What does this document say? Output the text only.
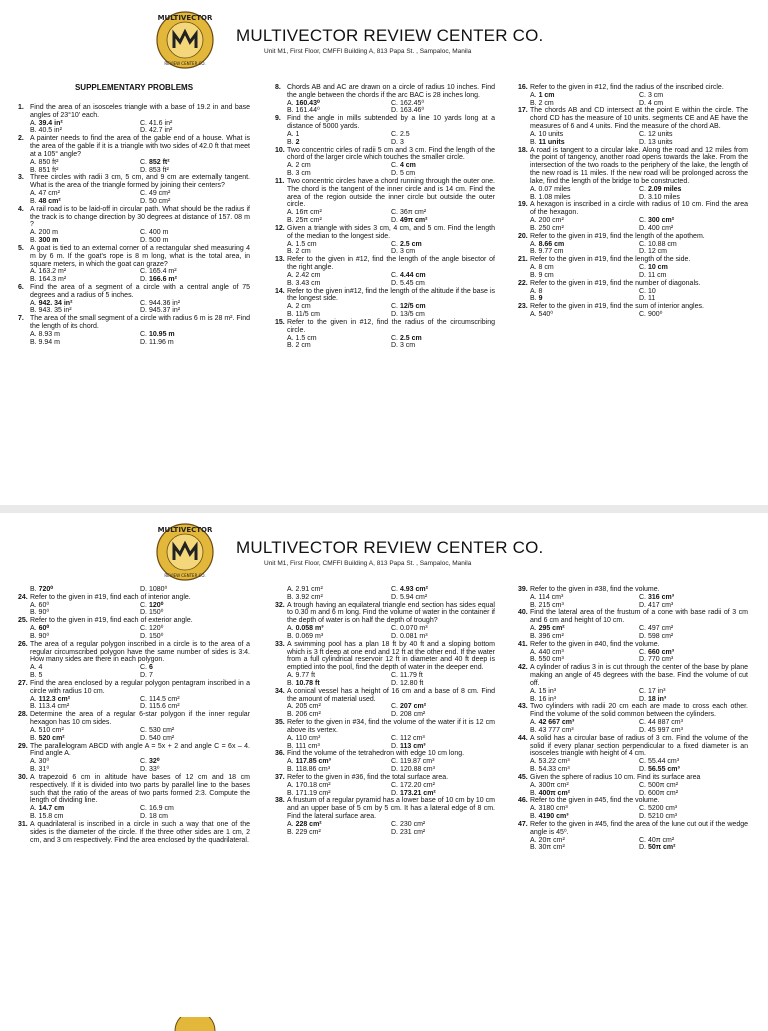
MULTIVECTOR
REVIEW CENTER CO.
MULTIVECTOR REVIEW CENTER CO.
Unit M1, First Floor, CMFFI Building A, 813 Papa St. , Sampaloc, Manila
SUPPLEMENTARY PROBLEMS
1. Find the area of an isosceles triangle with a base of 19.2 in and base angles of 23°10' each.
A. 39.4 in²	C. 41.6 in²
B. 40.5 in²	D. 42.7 in²
2. A painter needs to find the area of the gable end of a house. What is the area of the gable if it is a triangle with two sides of 42.0 ft that meet at a 105° angle?
A. 850 ft²	C. 852 ft²
B. 851 ft²	D. 853 ft²
3. Three circles with radii 3 cm, 5 cm, and 9 cm are externally tangent. What is the area of the triangle formed by joining their centers?
A. 47 cm²	C. 49 cm²
B. 48 cm²	D. 50 cm²
4. A rail road is to be laid-off in circular path. What should be the radius if the track is to change direction by 30 degrees at distance of 157. 08 m ?
A. 200 m	C. 400 m
B. 300 m	D. 500 m
5. A goat is tied to an external corner of a rectangular shed measuring 4 m by 6 m. If the goat's rope is 8 m long, what is the total area, in square meters, in which the goat can graze?
A. 163.2 m²	C. 165.4 m²
B. 164.3 m²	D. 166.6 m²
6. Find the area of a segment of a circle with a central angle of 75 degrees and a radius of 5 inches.
A. 942. 34 in²	C. 944.36 in²
B. 943. 35 in²	D. 945.37 in²
7. The area of the small segment of a circle with radius 6 m is 28 m². Find the length of its chord.
A. 8.93 m	C. 10.95 m
B. 9.94 m	D. 11.96 m
8. Chords AB and AC are drawn on a circle of radius 10 inches. Find the angle between the chords if the arc BAC is 28 inches long.
A. 160.43⁰	C. 162.45⁰
B. 161.44⁰	D. 163.46⁰
9. Find the angle in mills subtended by a line 10 yards long at a distance of 5000 yards.
A. 1	C. 2.5
B. 2	D. 3
10. Two concentric cirles of radii 5 cm and 3 cm. Find the length of the chord of the larger circle which touches the smaller circle.
A. 2 cm	C. 4 cm
B. 3 cm	D. 5 cm
11. Two concentric circles have a chord running through the outer one. The chord is the tangent of the inner circle and is 14 cm. Find the area of the region outside the inner circle but outside the outer circle.
A. 16π cm²	C. 36π cm²
B. 25π cm²	D. 49π cm²
12. Given a triangle with sides 3 cm, 4 cm, and 5 cm. Find the length of the median to the longest side.
A. 1.5 cm	C. 2.5 cm
B. 2 cm	D. 3 cm
13. Refer to the given in #12, find the length of the angle bisector of the right angle.
A. 2.42 cm	C. 4.44 cm
B. 3.43 cm	D. 5.45 cm
14. Refer to the given in#12, find the length of the altitude if the base is the longest side.
A. 2 cm	C. 12/5 cm
B. 11/5 cm	D. 13/5 cm
15. Refer to the given in #12, find the radius of the circumscribing circle.
A. 1.5 cm	C. 2.5 cm
B. 2 cm	D. 3 cm
16. Refer to the given in #12, find the radius of the inscribed circle.
A. 1 cm	C. 3 cm
B. 2 cm	D. 4 cm
17. The chords AB and CD intersect at the point E within the circle. The chord CD has the measure of 10 units. segments CE and AE have the measures of 6 and 4 units. Find the measure of the chord AB.
A. 10 units	C. 12 units
B. 11 units	D. 13 units
18. A road is tangent to a circular lake. Along the road and 12 miles from the point of tangency, another road opens towards the lake. From the intersection of the two roads to the periphery of the lake, the length of the new road is 11 miles. If the new road will be prolonged across the lake, find the length of the bridge to be constructed.
A. 0.07 miles	C. 2.09 miles
B. 1.08 miles	D. 3.10 miles
19. A hexagon is inscribed in a circle with radius of 10 cm. Find the area of the hexagon.
A. 200 cm²	C. 300 cm²
B. 250 cm²	D. 400 cm²
20. Refer to the given in #19, find the length of the apothem.
A. 8.66 cm	C. 10.88 cm
B. 9.77 cm	D. 12 cm
21. Refer to the given in #19, find the length of the side.
A. 8 cm	C. 10 cm
B. 9 cm	D. 11 cm
22. Refer to the given in #19, find the number of diagonals.
A. 8	C. 10
B. 9	D. 11
23. Refer to the given in #19, find the sum of interior angles.
A. 540⁰	C. 900⁰
MULTIVECTOR
REVIEW CENTER CO.
MULTIVECTOR REVIEW CENTER CO.
Unit M1, First Floor, CMFFI Building A, 813 Papa St. , Sampaloc, Manila
B. 720⁰	D. 1080⁰
24. Refer to the given in #19, find each of interior angle.
A. 60⁰	C. 120⁰
B. 90⁰	D. 150⁰
25. Refer to the given in #19, find each of exterior angle.
A. 60⁰	C. 120⁰
B. 90⁰	D. 150⁰
26. The area of a regular polygon inscribed in a circle is to the area of a regular circumscribed polygon have the same number of sides is 3:4. How many sides are there in each polygon.
A. 4	C. 6
B. 5	D. 7
27. Find the area enclosed by a regular polygon pentagram inscribed in a circle with radius 10 cm.
A. 112.3 cm²	C. 114.5 cm²
B. 113.4 cm²	D. 115.6 cm²
28. Determine the area of a regular 6-star polygon if the inner regular hexagon has 10 cm sides.
A. 510 cm²	C. 530 cm²
B. 520 cm²	D. 540 cm²
29. The parallelogram ABCD with angle A = 5x + 2 and angle C = 6x – 4. Find angle A.
A. 30⁰	C. 32⁰
B. 31⁰	D. 33⁰
30. A trapezoid 6 cm in altitude have bases of 12 cm and 18 cm respectively. If it is divided into two parts by parallel line to the bases such that the ratio of the areas of two parts formed 2:3. Compute the length of dividing line.
A. 14.7 cm	C. 16.9 cm
B. 15.8 cm	D. 18 cm
31. A quadrilateral is inscribed in a circle in such a way that one of the sides is the diameter of the circle. If the three other sides are 1 cm, 2 cm, and 3 cm respectively. Find the area enclosed by the quadrilateral.
A. 2.91 cm²	C. 4.93 cm²
B. 3.92 cm²	D. 5.94 cm²
32. A trough having an equilateral triangle end section has sides equal to 0.30 m and 6 m long. Find the volume of water in the container if the depth of water is on half the depth of trough?
A. 0.058 m³	C. 0.070 m³
B. 0.069 m³	D. 0.081 m³
33. A swimming pool has a plan 18 ft by 40 ft and a sloping bottom which is 3 ft deep at one end and 12 ft at the other end. If the water from a full cylindrical reservoir 12 ft in diameter and 40 ft deep is emptied into the pool, find the depth of water in the deeper end.
A. 9.77 ft	C. 11.79 ft
B. 10.78 ft	D. 12.80 ft
34. A conical vessel has a height of 16 cm and a base of 8 cm. Find the amount of material used.
A. 205 cm²	C. 207 cm²
B. 206 cm²	D. 208 cm²
35. Refer to the given in #34, find the volume of the water if it is 12 cm above its vertex.
A. 110 cm³	C. 112 cm³
B. 111 cm³	D. 113 cm³
36. Find the volume of the tetrahedron with edge 10 cm long.
A. 117.85 cm³	C. 119.87 cm³
B. 118.86 cm³	D. 120.88 cm³
37. Refer to the given in #36, find the total surface area.
A. 170.18 cm²	C. 172.20 cm²
B. 171.19 cm²	D. 173.21 cm²
38. A frustum of a regular pyramid has a lower base of 10 cm by 10 cm and an upper base of 5 cm by 5 cm. It has a lateral edge of 8 cm. Find the lateral surface area.
A. 228 cm²	C. 230 cm²
B. 229 cm²	D. 231 cm²
39. Refer to the given in #38, find the volume.
A. 114 cm³	C. 316 cm³
B. 215 cm³	D. 417 cm³
40. Find the lateral area of the frustum of a cone with base radii of 3 cm and 6 cm and height of 10 cm.
A. 295 cm²	C. 497 cm²
B. 396 cm²	D. 598 cm²
41. Refer to the given in #40, find the volume.
A. 440 cm³	C. 660 cm³
B. 550 cm³	D. 770 cm³
42. A cylinder of radius 3 in is cut through the center of the base by plane making an angle of 45 degrees with the base. Find the volume of cut off.
A. 15 in³	C. 17 in³
B. 16 in³	D. 18 in³
43. Two cylinders with radii 20 cm each are made to cross each other. Find the volume of the solid common between the cylinders.
A. 42 667 cm³	C. 44 887 cm³
B. 43 777 cm³	D. 45 997 cm³
44. A solid has a circular base of radius of 3 cm. Find the volume of the solid if every planar section perpendicular to a fixed diameter is an isosceles triangle with height of 4 cm.
A. 53.22 cm³	C. 55.44 cm³
B. 54.33 cm³	D. 56.55 cm³
45. Given the sphere of radius 10 cm. Find its surface area
A. 300π cm²	C. 500π cm²
B. 400π cm²	D. 600π cm²
46. Refer to the given in #45, find the volume.
A. 3180 cm³	C. 5200 cm³
B. 4190 cm³	D. 5210 cm³
47. Refer to the given in #45, find the area of the lune cut out if the wedge angle is 45⁰.
A. 20π cm²	C. 40π cm²
B. 30π cm²	D. 50π cm²
